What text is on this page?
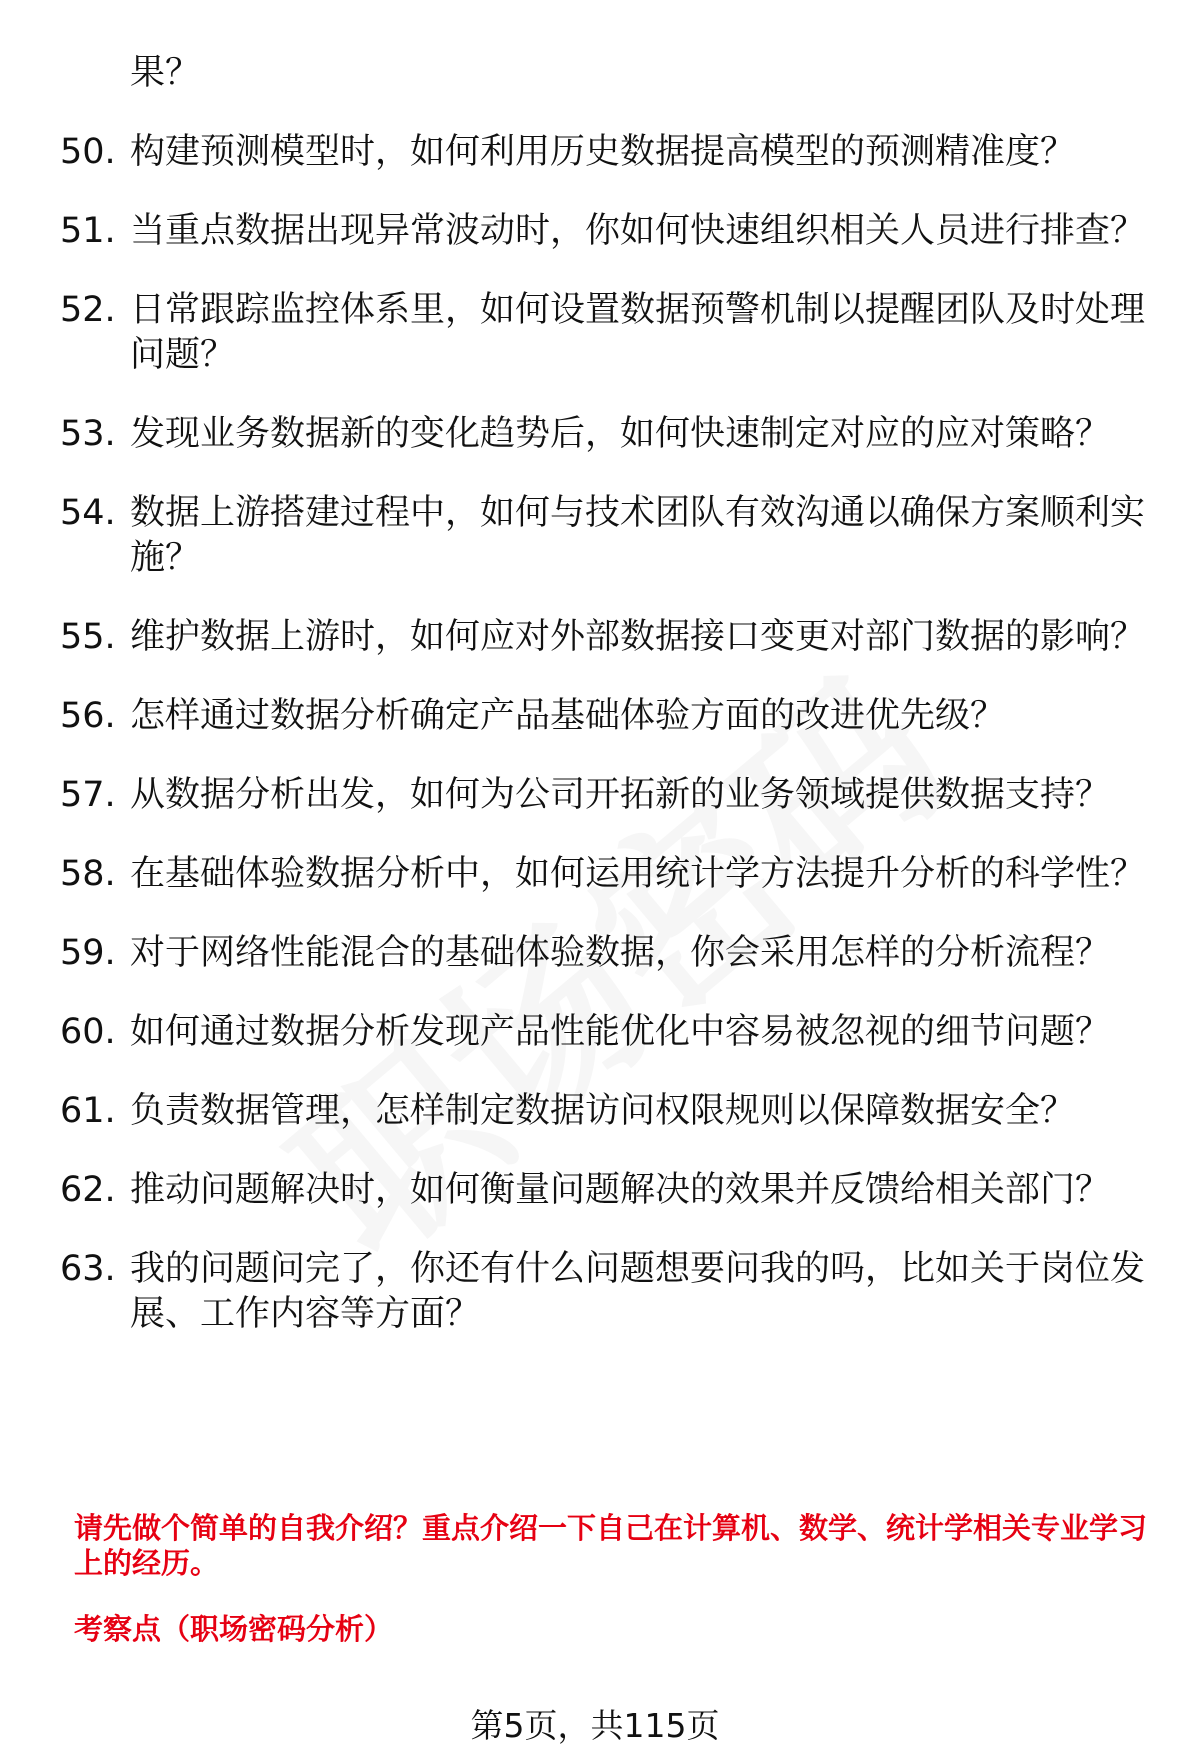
果？
50. 构建预测模型时，如何利用历史数据提高模型的预测精准度？
51. 当重点数据出现异常波动时，你如何快速组织相关人员进行排查？
52. 日常跟踪监控体系里，如何设置数据预警机制以提醒团队及时处理问题？
53. 发现业务数据新的变化趋势后，如何快速制定对应的应对策略？
54. 数据上游搭建过程中，如何与技术团队有效沟通以确保方案顺利实施？
55. 维护数据上游时，如何应对外部数据接口变更对部门数据的影响？
56. 怎样通过数据分析确定产品基础体验方面的改进优先级？
57. 从数据分析出发，如何为公司开拓新的业务领域提供数据支持？
58. 在基础体验数据分析中，如何运用统计学方法提升分析的科学性？
59. 对于网络性能混合的基础体验数据，你会采用怎样的分析流程？
60. 如何通过数据分析发现产品性能优化中容易被忽视的细节问题？
61. 负责数据管理，怎样制定数据访问权限规则以保障数据安全？
62. 推动问题解决时，如何衡量问题解决的效果并反馈给相关部门？
63. 我的问题问完了，你还有什么问题想要问我的吗，比如关于岗位发展、工作内容等方面？
请先做个简单的自我介绍？重点介绍一下自己在计算机、数学、统计学相关专业学习上的经历。
考察点（职场密码分析）
第5页，共115页
